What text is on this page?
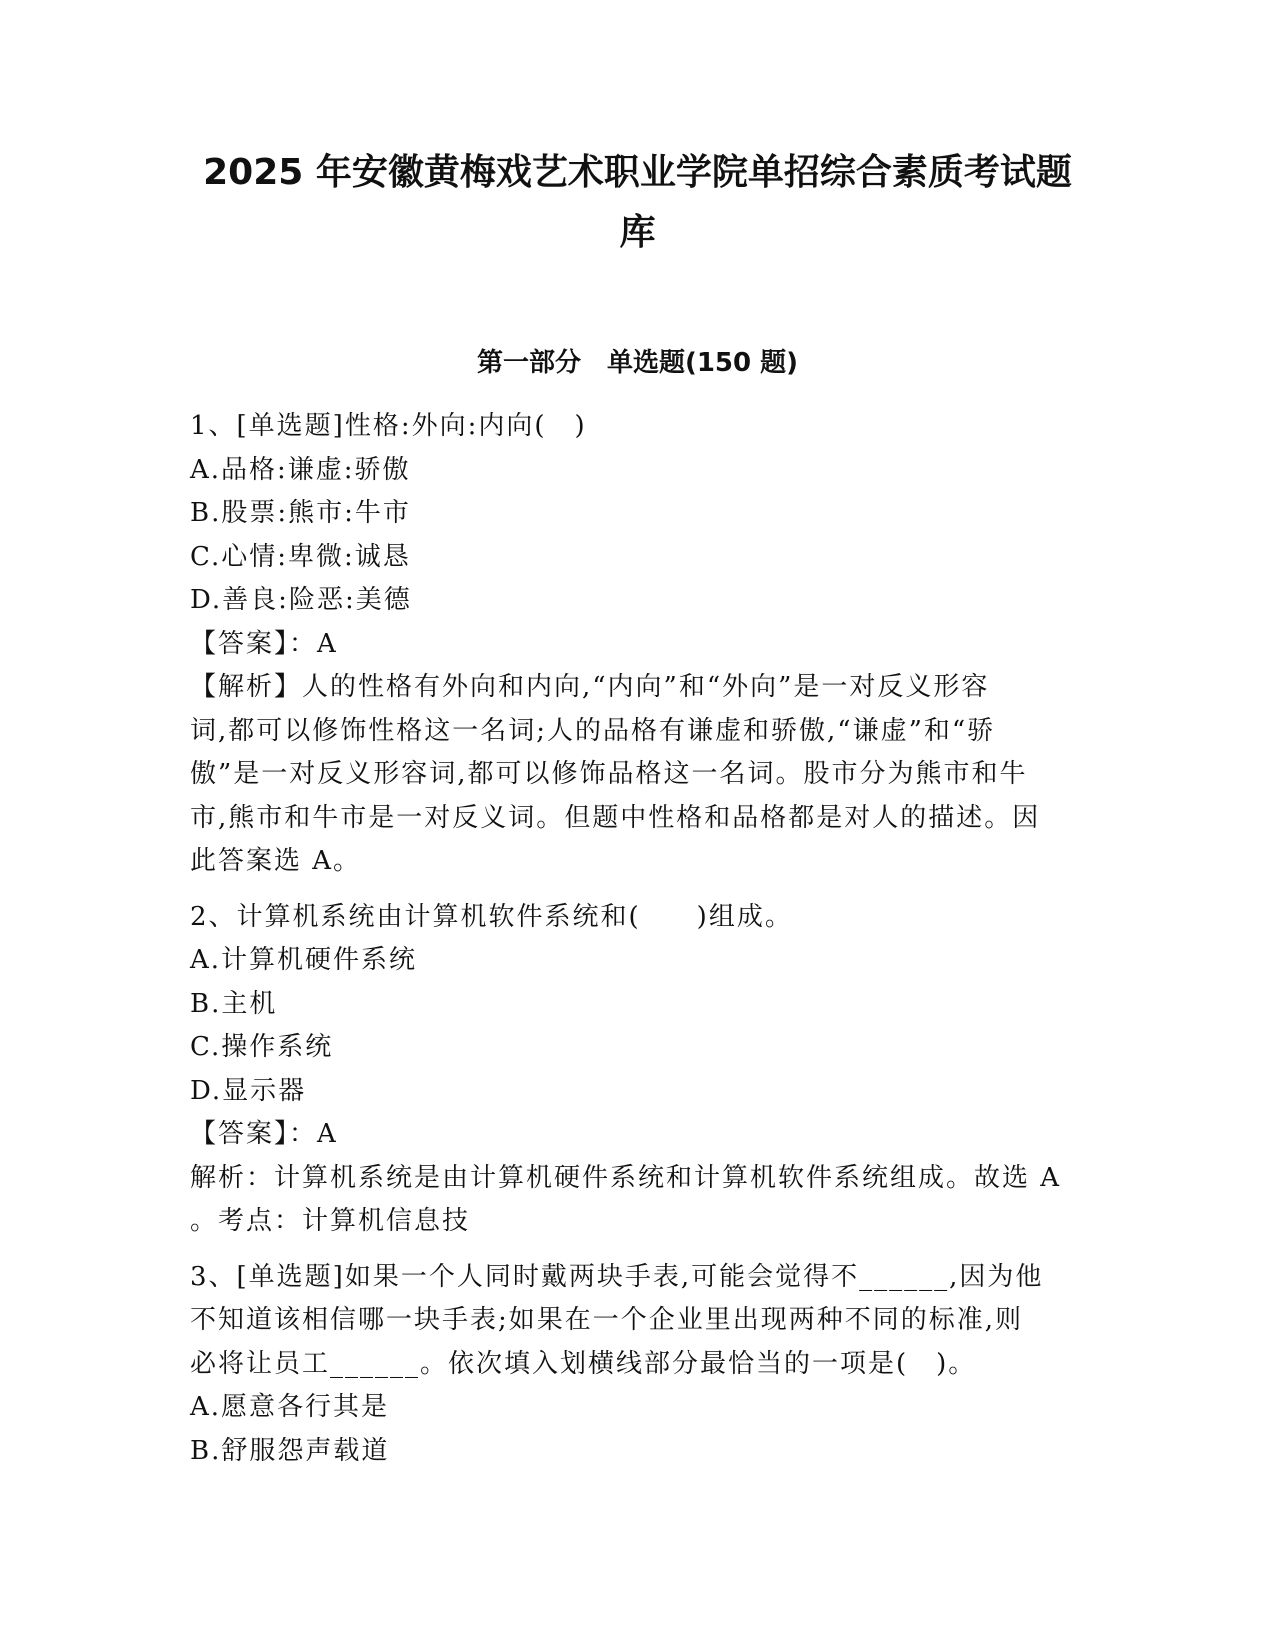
2025 年安徽黄梅戏艺术职业学院单招综合素质考试题
库
第一部分　单选题(150 题)
1、[单选题]性格:外向:内向(　)
A.品格:谦虚:骄傲
B.股票:熊市:牛市
C.心情:卑微:诚恳
D.善良:险恶:美德
【答案】：A
【解析】人的性格有外向和内向,“内向”和“外向”是一对反义形容
词,都可以修饰性格这一名词;人的品格有谦虚和骄傲,“谦虚”和“骄
傲”是一对反义形容词,都可以修饰品格这一名词。股市分为熊市和牛
市,熊市和牛市是一对反义词。但题中性格和品格都是对人的描述。因
此答案选 A。
2、计算机系统由计算机软件系统和(　　)组成。
A.计算机硬件系统
B.主机
C.操作系统
D.显示器
【答案】：A
解析：计算机系统是由计算机硬件系统和计算机软件系统组成。故选 A
。考点：计算机信息技
3、[单选题]如果一个人同时戴两块手表,可能会觉得不______,因为他
不知道该相信哪一块手表;如果在一个企业里出现两种不同的标准,则
必将让员工______。依次填入划横线部分最恰当的一项是(　)。
A.愿意各行其是
B.舒服怨声载道
